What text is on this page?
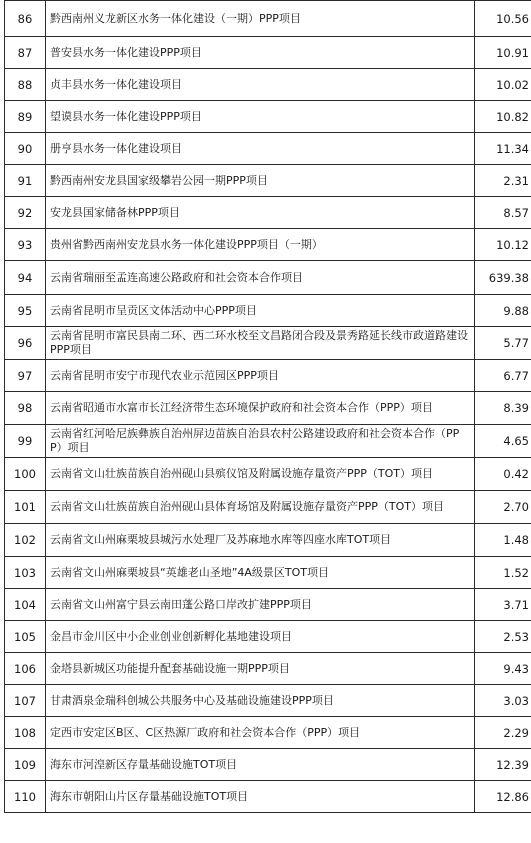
86	黔西南州义龙新区水务一体化建设（一期）PPP项目	10.56
87	普安县水务一体化建设PPP项目	10.91
88	贞丰县水务一体化建设项目	10.02
89	望谟县水务一体化建设PPP项目	10.82
90	册亨县水务一体化建设项目	11.34
91	黔西南州安龙县国家级攀岩公园一期PPP项目	2.31
92	安龙县国家储备林PPP项目	8.57
93	贵州省黔西南州安龙县水务一体化建设PPP项目（一期）	10.12
94	云南省瑞丽至孟连高速公路政府和社会资本合作项目	639.38
95	云南省昆明市呈贡区文体活动中心PPP项目	9.88
96	云南省昆明市富民县南二环、西二环水校至文昌路闭合段及景秀路延长线市政道路建设PPP项目	5.77
97	云南省昆明市安宁市现代农业示范园区PPP项目	6.77
98	云南省昭通市水富市长江经济带生态环境保护政府和社会资本合作（PPP）项目	8.39
99	云南省红河哈尼族彝族自治州屏边苗族自治县农村公路建设政府和社会资本合作（PPP）项目	4.65
100	云南省文山壮族苗族自治州砚山县殡仪馆及附属设施存量资产PPP（TOT）项目	0.42
101	云南省文山壮族苗族自治州砚山县体育场馆及附属设施存量资产PPP（TOT）项目	2.70
102	云南省文山州麻栗坡县城污水处理厂及苏麻地水库等四座水库TOT项目	1.48
103	云南省文山州麻栗坡县“英雄老山圣地”4A级景区TOT项目	1.52
104	云南省文山州富宁县云南田蓬公路口岸改扩建PPP项目	3.71
105	金昌市金川区中小企业创业创新孵化基地建设项目	2.53
106	金塔县新城区功能提升配套基础设施一期PPP项目	9.43
107	甘肃酒泉金瑞科创城公共服务中心及基础设施建设PPP项目	3.03
108	定西市安定区B区、C区热源厂政府和社会资本合作（PPP）项目	2.29
109	海东市河湟新区存量基础设施TOT项目	12.39
110	海东市朝阳山片区存量基础设施TOT项目	12.86
